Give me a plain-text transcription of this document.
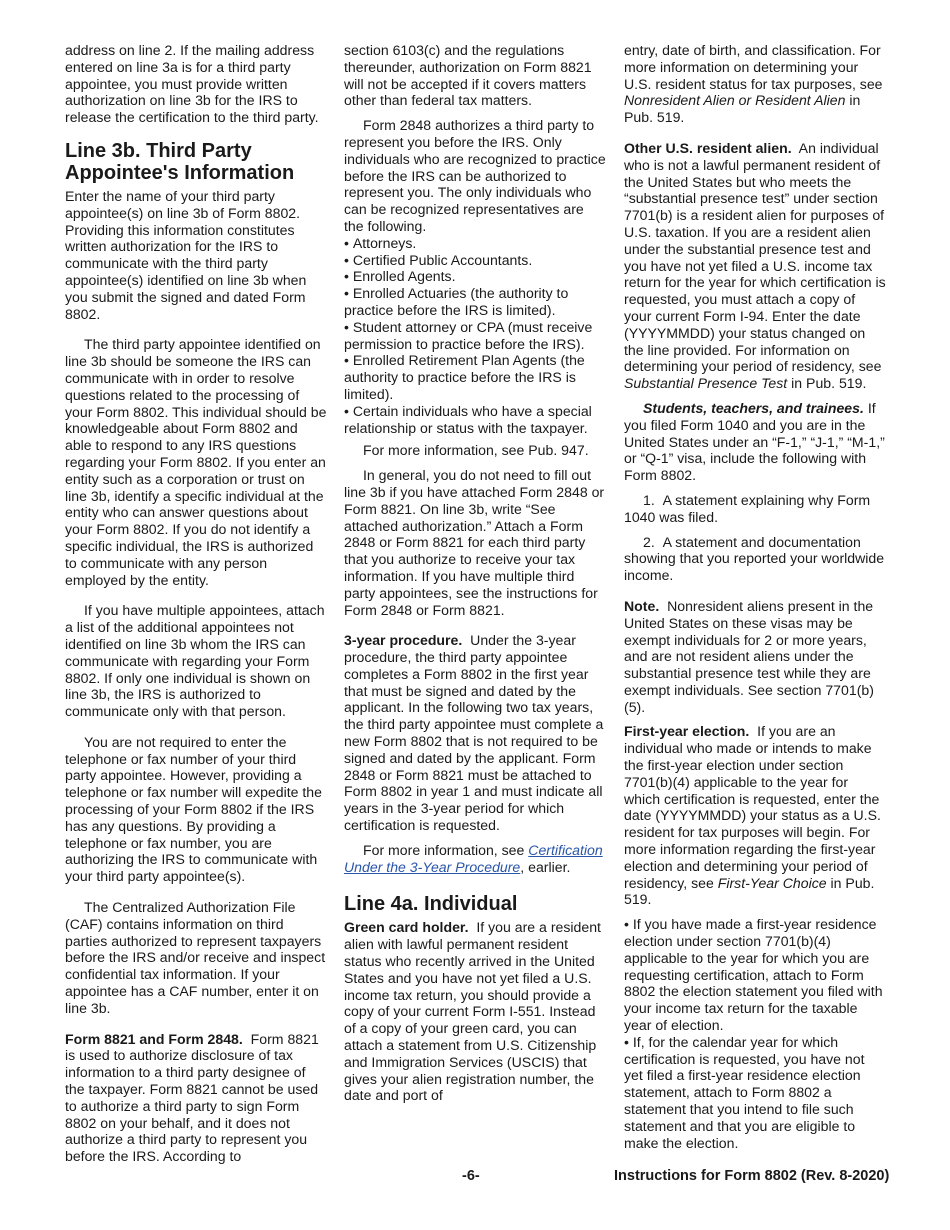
address on line 2. If the mailing address entered on line 3a is for a third party appointee, you must provide written authorization on line 3b for the IRS to release the certification to the third party.

Line 3b. Third Party Appointee's Information

Enter the name of your third party appointee(s) on line 3b of Form 8802. Providing this information constitutes written authorization for the IRS to communicate with the third party appointee(s) identified on line 3b when you submit the signed and dated Form 8802.

The third party appointee identified on line 3b should be someone the IRS can communicate with in order to resolve questions related to the processing of your Form 8802. This individual should be knowledgeable about Form 8802 and able to respond to any IRS questions regarding your Form 8802. If you enter an entity such as a corporation or trust on line 3b, identify a specific individual at the entity who can answer questions about your Form 8802. If you do not identify a specific individual, the IRS is authorized to communicate with any person employed by the entity.

If you have multiple appointees, attach a list of the additional appointees not identified on line 3b whom the IRS can communicate with regarding your Form 8802. If only one individual is shown on line 3b, the IRS is authorized to communicate only with that person.

You are not required to enter the telephone or fax number of your third party appointee. However, providing a telephone or fax number will expedite the processing of your Form 8802 if the IRS has any questions. By providing a telephone or fax number, you are authorizing the IRS to communicate with your third party appointee(s).

The Centralized Authorization File (CAF) contains information on third parties authorized to represent taxpayers before the IRS and/or receive and inspect confidential tax information. If your appointee has a CAF number, enter it on line 3b.

Form 8821 and Form 2848. Form 8821 is used to authorize disclosure of tax information to a third party designee of the taxpayer. Form 8821 cannot be used to authorize a third party to sign Form 8802 on your behalf, and it does not authorize a third party to represent you before the IRS. According to

section 6103(c) and the regulations thereunder, authorization on Form 8821 will not be accepted if it covers matters other than federal tax matters.

Form 2848 authorizes a third party to represent you before the IRS. Only individuals who are recognized to practice before the IRS can be authorized to represent you. The only individuals who can be recognized representatives are the following.

• Attorneys.
• Certified Public Accountants.
• Enrolled Agents.
• Enrolled Actuaries (the authority to practice before the IRS is limited).
• Student attorney or CPA (must receive permission to practice before the IRS).
• Enrolled Retirement Plan Agents (the authority to practice before the IRS is limited).
• Certain individuals who have a special relationship or status with the taxpayer.

For more information, see Pub. 947.

In general, you do not need to fill out line 3b if you have attached Form 2848 or Form 8821. On line 3b, write “See attached authorization.” Attach a Form 2848 or Form 8821 for each third party that you authorize to receive your tax information. If you have multiple third party appointees, see the instructions for Form 2848 or Form 8821.

3-year procedure. Under the 3-year procedure, the third party appointee completes a Form 8802 in the first year that must be signed and dated by the applicant. In the following two tax years, the third party appointee must complete a new Form 8802 that is not required to be signed and dated by the applicant. Form 2848 or Form 8821 must be attached to Form 8802 in year 1 and must indicate all years in the 3-year period for which certification is requested.

For more information, see Certification Under the 3-Year Procedure, earlier.

Line 4a. Individual

Green card holder. If you are a resident alien with lawful permanent resident status who recently arrived in the United States and you have not yet filed a U.S. income tax return, you should provide a copy of your current Form I-551. Instead of a copy of your green card, you can attach a statement from U.S. Citizenship and Immigration Services (USCIS) that gives your alien registration number, the date and port of

entry, date of birth, and classification. For more information on determining your U.S. resident status for tax purposes, see Nonresident Alien or Resident Alien in Pub. 519.

Other U.S. resident alien. An individual who is not a lawful permanent resident of the United States but who meets the “substantial presence test” under section 7701(b) is a resident alien for purposes of U.S. taxation. If you are a resident alien under the substantial presence test and you have not yet filed a U.S. income tax return for the year for which certification is requested, you must attach a copy of your current Form I-94. Enter the date (YYYYMMDD) your status changed on the line provided. For information on determining your period of residency, see Substantial Presence Test in Pub. 519.

Students, teachers, and trainees. If you filed Form 1040 and you are in the United States under an “F-1,” “J-1,” “M-1,” or “Q-1” visa, include the following with Form 8802.

1.  A statement explaining why Form 1040 was filed.

2.  A statement and documentation showing that you reported your worldwide income.

Note. Nonresident aliens present in the United States on these visas may be exempt individuals for 2 or more years, and are not resident aliens under the substantial presence test while they are exempt individuals. See section 7701(b)(5).

First-year election. If you are an individual who made or intends to make the first-year election under section 7701(b)(4) applicable to the year for which certification is requested, enter the date (YYYYMMDD) your status as a U.S. resident for tax purposes will begin. For more information regarding the first-year election and determining your period of residency, see First-Year Choice in Pub. 519.

• If you have made a first-year residence election under section 7701(b)(4) applicable to the year for which you are requesting certification, attach to Form 8802 the election statement you filed with your income tax return for the taxable year of election.
• If, for the calendar year for which certification is requested, you have not yet filed a first-year residence election statement, attach to Form 8802 a statement that you intend to file such statement and that you are eligible to make the election.
-6-	Instructions for Form 8802 (Rev. 8-2020)
